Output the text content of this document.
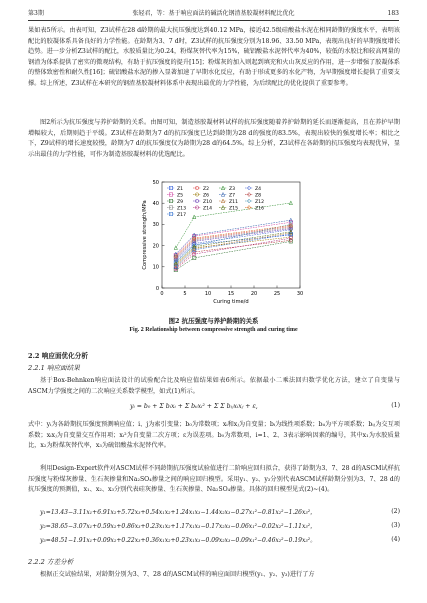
第3期	张轻君，等：基于响应面法的碱活化钢渣基胶凝材料配比优化	183

果如表5所示。由表可知，Z3试样在28 d龄期的最大抗压强度达到40.12 MPa，接近42.5级硅酸盐水泥在相同龄期的强度水平，表明该配比的胶凝体系具备良好的力学性能。在龄期为3、7 d时，Z3试样的抗压强度分别为18.96、33.50 MPa，表现出良好的早期强度增长趋势。进一步分析Z3试样的配比，水胶质量比为0.24，粉煤灰替代率为15%，硫铝酸盐水泥替代率为40%，较低的水胶比和较高网量的钢渣为体系提供了密实的微观结构，有助于抗压强度的提升[15]；粉煤灰的加入则起到填充和火山灰反应的作用，进一步增强了胶凝体系的整体致密性和耐久性[16]；硫铝酸盐水泥的掺入显著加速了早期水化反应，有助于形成更多的水化产物，为早期强度增长提供了重要支撑。综上所述，Z3试样在本研究的钢渣基胶凝材料体系中表现出最优的力学性能，为后续配比的优化提供了重要参考。

图2所示为抗压强度与养护龄期的关系。由图可知，制造基胶凝材料试样的抗压强度随着养护龄期的延长而逐渐提高，且在养护早期增幅较大，后期则趋于平缓。Z3试样在龄期为7 d的抗压强度已达到龄期为28 d的强度的83.5%，表现出较快的强度增长率；相比之下，Z9试样的增长速度较慢，龄期为7 d的抗压强度仅为龄期为28 d的64.5%。综上分析，Z3试样在各龄期的抗压强度均表现优异，显示出最佳的力学性能，可作为制造基胶凝材料的优选配比。

0	5	10	15	20	25	30
0
10
20
30
40
50
Curing time/d
Compressive strength/MPa
Z1	Z2	Z3	Z4
Z5	Z6	Z7	Z8
Z9	Z10	Z11	Z12
Z13	Z14	Z15	Z16
Z17

图2 抗压强度与养护龄期的关系

Fig. 2 Relationship between compressive strength and curing time

2.2 响应面优化分析

2.2.1 响应面结果

基于Box-Behnken响应面法设计的试验配合比及响应值结果如表6所示。依据最小二乘法回归数学优化方法，建立了自变量与ASCM力学强度之间的二次响应关系数学模型，如式(1)所示。

yᵢ = b₀ + Σ bᵢxᵢ + Σ bᵢᵢxᵢ² + Σ Σ bᵢⱼxᵢxⱼ + ε,	(1)

式中：yᵢ为各龄期抗压强度预测响应值；i、j为索引变量；b₀为常数项；xᵢ和xⱼ为自变量；bᵢ为线性项系数；bᵢᵢ为平方项系数；bᵢⱼ为交互项系数；xᵢxⱼ为自变量交互作用项；xᵢ²为自变量二次方项；ε为误差项。b₀为常数项，i=1、2、3表示影响因素的编号，其中x₁为水胶质量比，x₂为粉煤灰替代率，x₃为硫铝酸盐水泥替代率。

利用Design-Expert软件对ASCM试样不同龄期抗压强度试验值进行二阶响应回归拟合，获得了龄期为3、7、28 d的ASCM试样抗压强度与粉煤灰掺量、生石灰掺量和Na₂SO₄掺量之间的响应回归模型。采用y₁、y₂、y₃分别代表ASCM试样龄期分别为3、7、28 d的抗压强度的预测值，x₁、x₂、x₃分别代表硅灰掺量、生石灰掺量、Na₂SO₄掺量。具体的回归模型见式(2)~(4)。

y₁=13.43−3.11x₁+6.91x₂+5.72x₃+0.54x₁x₂+1.24x₁x₃−1.44x₂x₃−0.27x₁²−0.81x₂²−1.26x₃²，	(2)

y₂=38.65−3.07x₁+0.59x₂+0.86x₃+0.23x₁x₂+1.17x₁x₃−0.17x₂x₃−0.06x₁²−0.02x₂²−1.11x₃²，	(3)

y₃=48.51−1.91x₁+0.09x₂+0.22x₃+0.36x₁x₂+0.23x₁x₃−0.09x₂x₃−0.09x₁²−0.46x₂²−0.19x₃²。	(4)

2.2.2 方差分析

根据正交试验结果，对龄期分别为3、7、28 d的ASCM试样的响应面回归模型(y₁、y₂、y₃)进行了方
